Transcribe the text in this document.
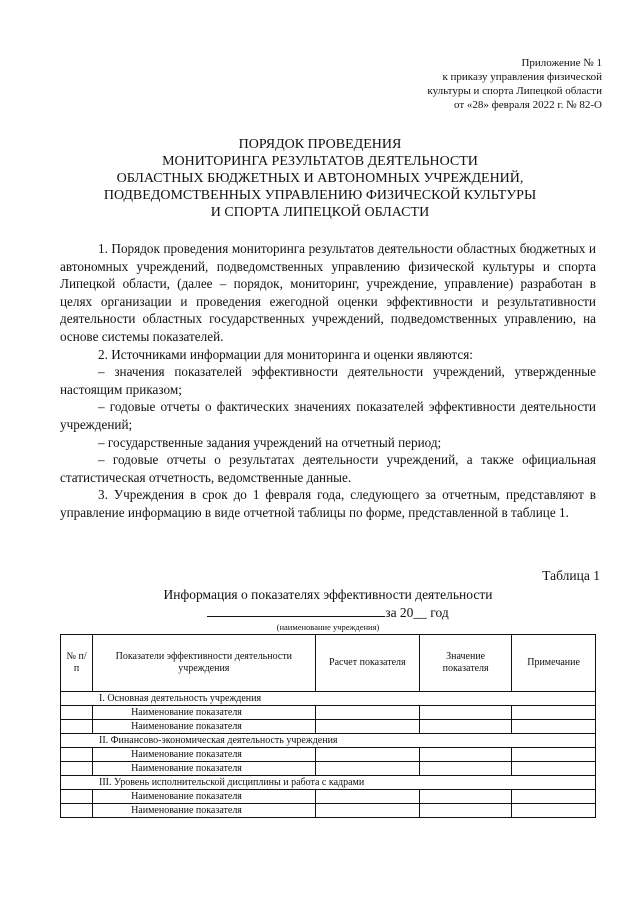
Приложение № 1
к приказу управления физической
культуры и спорта Липецкой области
от «28» февраля 2022 г. № 82-О
ПОРЯДОК ПРОВЕДЕНИЯ
МОНИТОРИНГА РЕЗУЛЬТАТОВ ДЕЯТЕЛЬНОСТИ
ОБЛАСТНЫХ БЮДЖЕТНЫХ И АВТОНОМНЫХ УЧРЕЖДЕНИЙ,
ПОДВЕДОМСТВЕННЫХ УПРАВЛЕНИЮ ФИЗИЧЕСКОЙ КУЛЬТУРЫ
И СПОРТА ЛИПЕЦКОЙ ОБЛАСТИ

1. Порядок проведения мониторинга результатов деятельности областных бюджетных и автономных учреждений, подведомственных управлению физической культуры и спорта Липецкой области, (далее – порядок, мониторинг, учреждение, управление) разработан в целях организации и проведения ежегодной оценки эффективности и результативности деятельности областных государственных учреждений, подведомственных управлению, на основе системы показателей.

2. Источниками информации для мониторинга и оценки являются:

– значения показателей эффективности деятельности учреждений, утвержденные настоящим приказом;

– годовые отчеты о фактических значениях показателей эффективности деятельности учреждений;

– государственные задания учреждений на отчетный период;

– годовые отчеты о результатах деятельности учреждений, а также официальная статистическая отчетность, ведомственные данные.

3. Учреждения в срок до 1 февраля года, следующего за отчетным, представляют в управление информацию в виде отчетной таблицы по форме, представленной в таблице 1.

Таблица 1
Информация о показателях эффективности деятельности
за 20__ год
(наименование учреждения)
№ п/п	Показатели эффективности деятельности учреждения	Расчет показателя	Значение показателя	Примечание
I. Основная деятельность учреждения				
	Наименование показателя			
	Наименование показателя			
II. Финансово-экономическая деятельность учреждения				
	Наименование показателя			
	Наименование показателя			
III. Уровень исполнительской дисциплины и работа с кадрами				
	Наименование показателя			
	Наименование показателя			
